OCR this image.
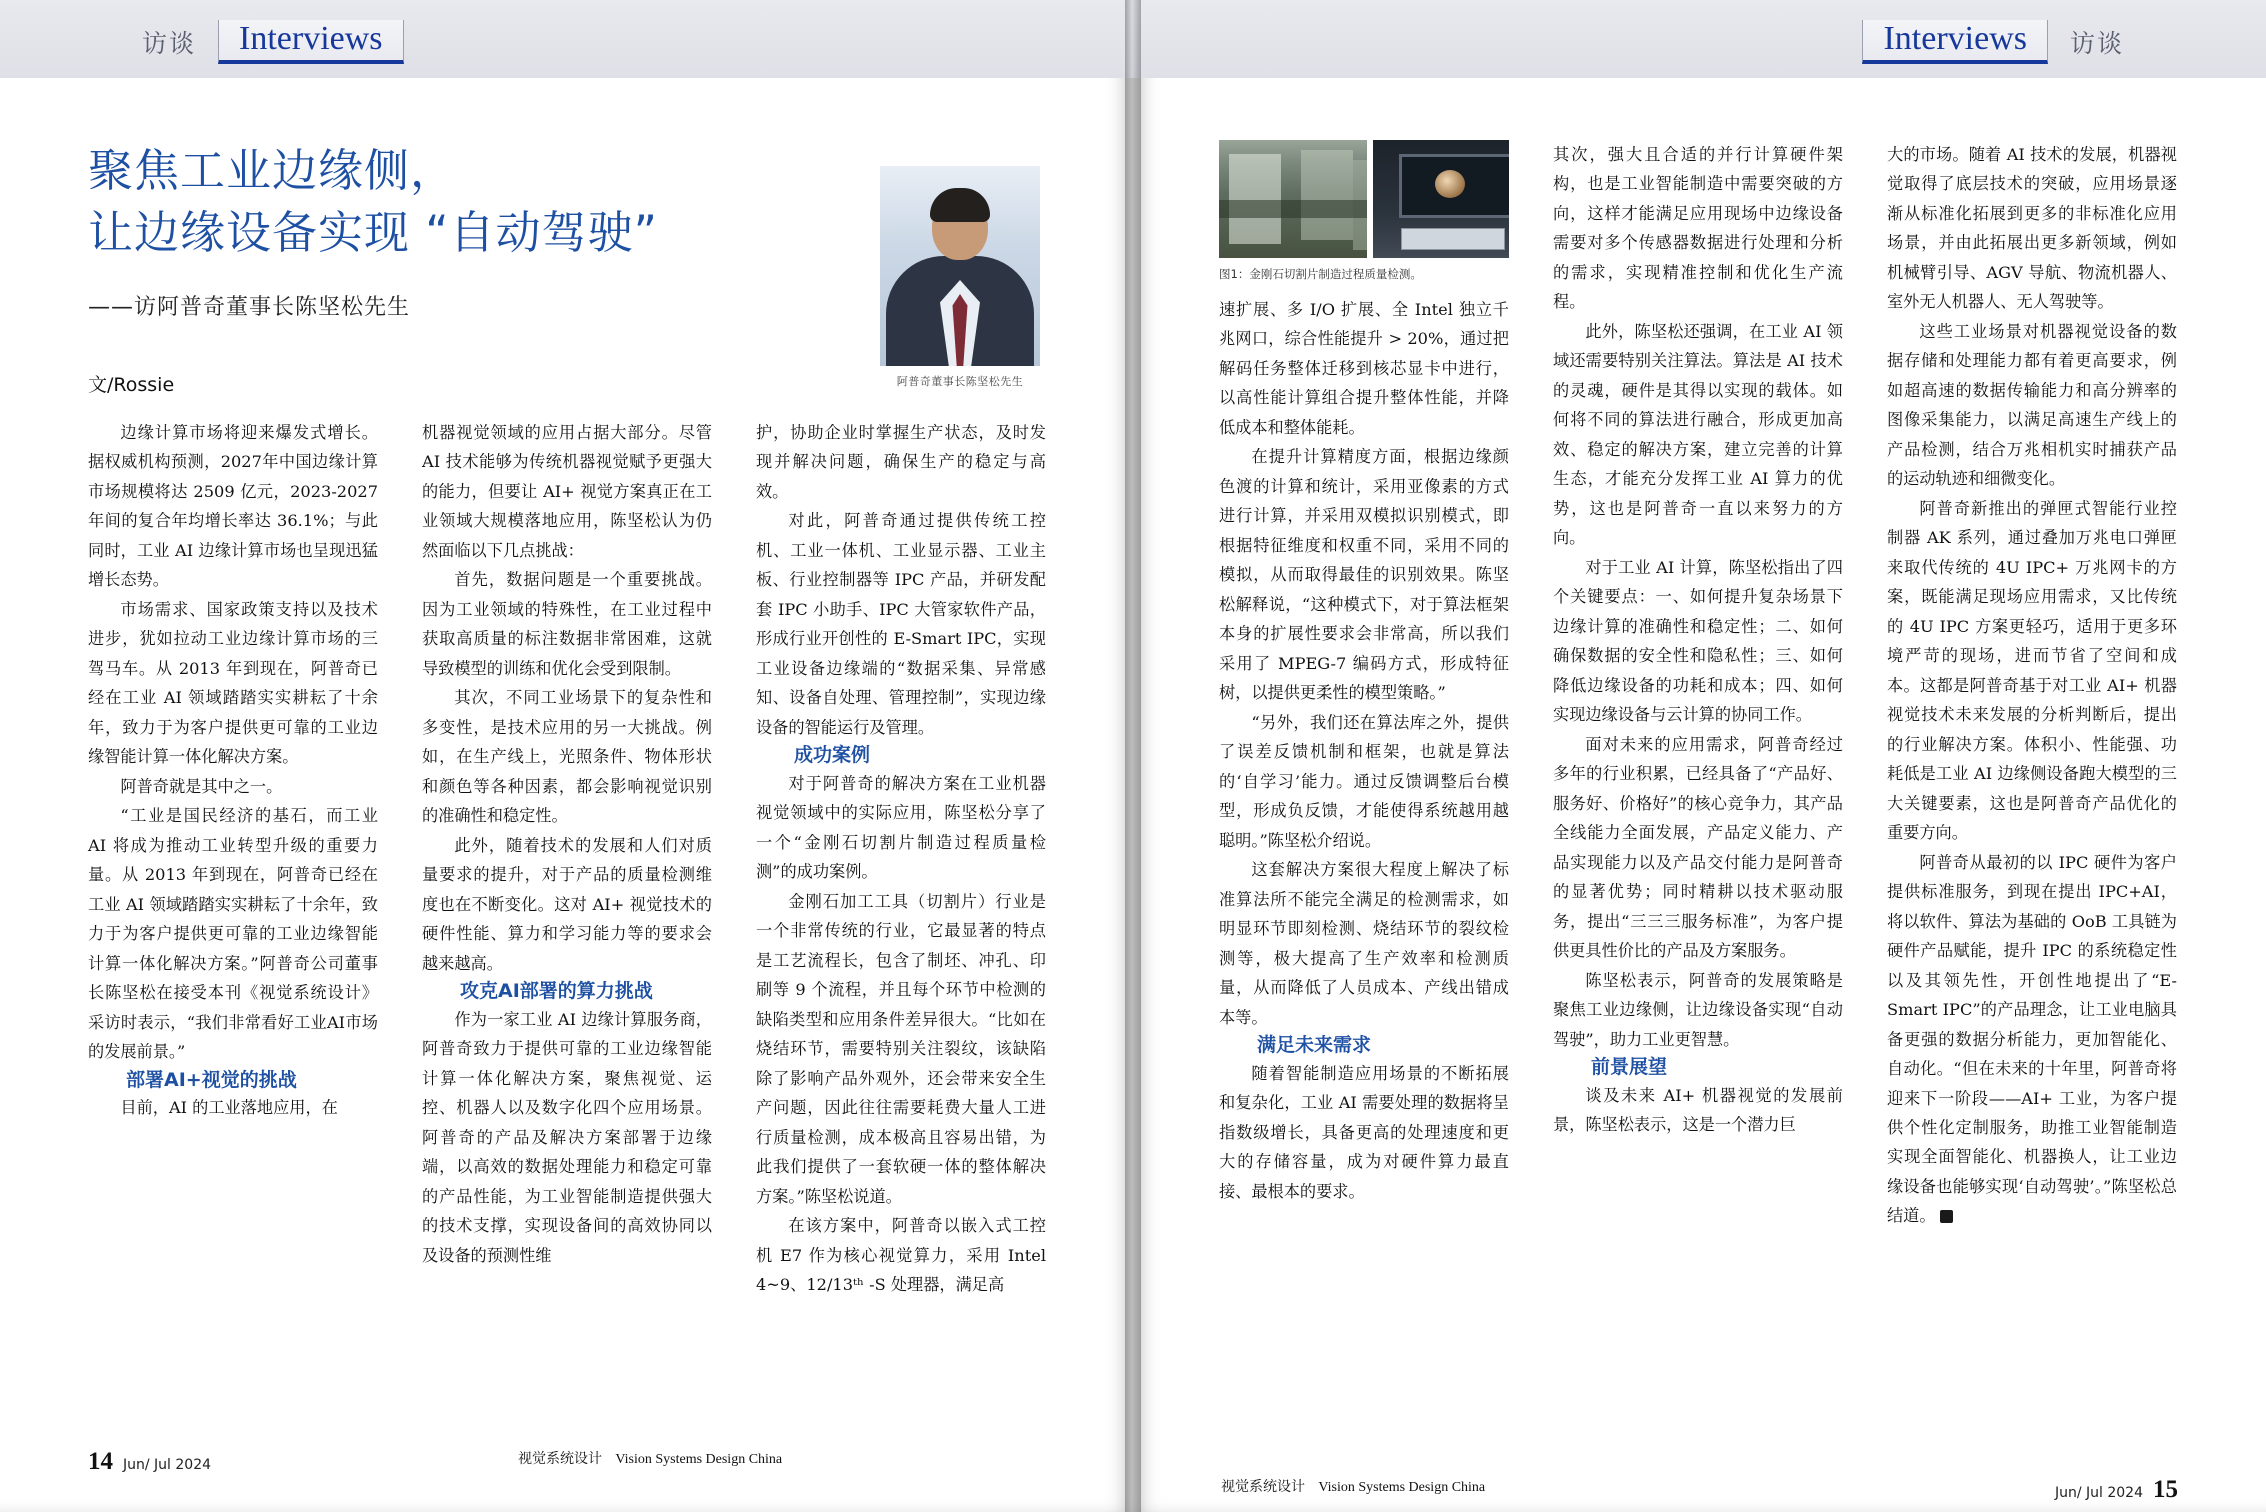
访谈	Interviews
聚焦工业边缘侧，
让边缘设备实现 “自动驾驶”
——访阿普奇董事长陈坚松先生
文/Rossie	阿普奇董事长陈坚松先生

边缘计算市场将迎来爆发式增长。据权威机构预测，2027年中国边缘计算市场规模将达 2509 亿元，2023-2027 年间的复合年均增长率达 36.1%；与此同时，工业 AI 边缘计算市场也呈现迅猛增长态势。

市场需求、国家政策支持以及技术进步，犹如拉动工业边缘计算市场的三驾马车。从 2013 年到现在，阿普奇已经在工业 AI 领域踏踏实实耕耘了十余年，致力于为客户提供更可靠的工业边缘智能计算一体化解决方案。

阿普奇就是其中之一。

“工业是国民经济的基石，而工业 AI 将成为推动工业转型升级的重要力量。从 2013 年到现在，阿普奇已经在工业 AI 领域踏踏实实耕耘了十余年，致力于为客户提供更可靠的工业边缘智能计算一体化解决方案。”阿普奇公司董事长陈坚松在接受本刊《视觉系统设计》采访时表示，“我们非常看好工业AI市场的发展前景。”

部署AI+视觉的挑战

目前，AI 的工业落地应用，在

机器视觉领域的应用占据大部分。尽管 AI 技术能够为传统机器视觉赋予更强大的能力，但要让 AI+ 视觉方案真正在工业领域大规模落地应用，陈坚松认为仍然面临以下几点挑战：

首先，数据问题是一个重要挑战。因为工业领域的特殊性，在工业过程中获取高质量的标注数据非常困难，这就导致模型的训练和优化会受到限制。

其次，不同工业场景下的复杂性和多变性，是技术应用的另一大挑战。例如，在生产线上，光照条件、物体形状和颜色等各种因素，都会影响视觉识别的准确性和稳定性。

此外，随着技术的发展和人们对质量要求的提升，对于产品的质量检测维度也在不断变化。这对 AI+ 视觉技术的硬件性能、算力和学习能力等的要求会越来越高。

攻克AI部署的算力挑战

作为一家工业 AI 边缘计算服务商，阿普奇致力于提供可靠的工业边缘智能计算一体化解决方案，聚焦视觉、运控、机器人以及数字化四个应用场景。阿普奇的产品及解决方案部署于边缘端，以高效的数据处理能力和稳定可靠的产品性能，为工业智能制造提供强大的技术支撑，实现设备间的高效协同以及设备的预测性维

护，协助企业时掌握生产状态，及时发现并解决问题，确保生产的稳定与高效。

对此，阿普奇通过提供传统工控机、工业一体机、工业显示器、工业主板、行业控制器等 IPC 产品，并研发配套 IPC 小助手、IPC 大管家软件产品，形成行业开创性的 E-Smart IPC，实现工业设备边缘端的“数据采集、异常感知、设备自处理、管理控制”，实现边缘设备的智能运行及管理。

成功案例

对于阿普奇的解决方案在工业机器视觉领域中的实际应用，陈坚松分享了一个“金刚石切割片制造过程质量检测”的成功案例。

金刚石加工工具（切割片）行业是一个非常传统的行业，它最显著的特点是工艺流程长，包含了制坯、冲孔、印刷等 9 个流程，并且每个环节中检测的缺陷类型和应用条件差异很大。“比如在烧结环节，需要特别关注裂纹，该缺陷除了影响产品外观外，还会带来安全生产问题，因此往往需要耗费大量人工进行质量检测，成本极高且容易出错，为此我们提供了一套软硬一体的整体解决方案。”陈坚松说道。

在该方案中，阿普奇以嵌入式工控机 E7 作为核心视觉算力，采用 Intel 4~9、12/13ᵗʰ -S 处理器，满足高

14 Jun/ Jul 2024	视觉系统设计 Vision Systems Design China
Interviews	访谈
图1：金刚石切割片制造过程质量检测。

速扩展、多 I/O 扩展、全 Intel 独立千兆网口，综合性能提升 > 20%，通过把解码任务整体迁移到核芯显卡中进行，以高性能计算组合提升整体性能，并降低成本和整体能耗。

在提升计算精度方面，根据边缘颜色渡的计算和统计，采用亚像素的方式进行计算，并采用双模拟识别模式，即根据特征维度和权重不同，采用不同的模拟，从而取得最佳的识别效果。陈坚松解释说，“这种模式下，对于算法框架本身的扩展性要求会非常高，所以我们采用了 MPEG-7 编码方式，形成特征树，以提供更柔性的模型策略。”

“另外，我们还在算法库之外，提供了误差反馈机制和框架，也就是算法的‘自学习’能力。通过反馈调整后台模型，形成负反馈，才能使得系统越用越聪明。”陈坚松介绍说。

这套解决方案很大程度上解决了标准算法所不能完全满足的检测需求，如明显环节即刻检测、烧结环节的裂纹检测等，极大提高了生产效率和检测质量，从而降低了人员成本、产线出错成本等。

满足未来需求

随着智能制造应用场景的不断拓展和复杂化，工业 AI 需要处理的数据将呈指数级增长，具备更高的处理速度和更大的存储容量，成为对硬件算力最直接、最根本的要求。

其次，强大且合适的并行计算硬件架构，也是工业智能制造中需要突破的方向，这样才能满足应用现场中边缘设备需要对多个传感器数据进行处理和分析的需求，实现精准控制和优化生产流程。

此外，陈坚松还强调，在工业 AI 领域还需要特别关注算法。算法是 AI 技术的灵魂，硬件是其得以实现的载体。如何将不同的算法进行融合，形成更加高效、稳定的解决方案，建立完善的计算生态，才能充分发挥工业 AI 算力的优势，这也是阿普奇一直以来努力的方向。

对于工业 AI 计算，陈坚松指出了四个关键要点：一、如何提升复杂场景下边缘计算的准确性和稳定性；二、如何确保数据的安全性和隐私性；三、如何降低边缘设备的功耗和成本；四、如何实现边缘设备与云计算的协同工作。

面对未来的应用需求，阿普奇经过多年的行业积累，已经具备了“产品好、服务好、价格好”的核心竞争力，其产品全线能力全面发展，产品定义能力、产品实现能力以及产品交付能力是阿普奇的显著优势；同时精耕以技术驱动服务，提出“三三三服务标准”，为客户提供更具性价比的产品及方案服务。

陈坚松表示，阿普奇的发展策略是聚焦工业边缘侧，让边缘设备实现“自动驾驶”，助力工业更智慧。

前景展望

谈及未来 AI+ 机器视觉的发展前景，陈坚松表示，这是一个潜力巨

大的市场。随着 AI 技术的发展，机器视觉取得了底层技术的突破，应用场景逐渐从标准化拓展到更多的非标准化应用场景，并由此拓展出更多新领域，例如机械臂引导、AGV 导航、物流机器人、室外无人机器人、无人驾驶等。

这些工业场景对机器视觉设备的数据存储和处理能力都有着更高要求，例如超高速的数据传输能力和高分辨率的图像采集能力，以满足高速生产线上的产品检测，结合万兆相机实时捕获产品的运动轨迹和细微变化。

阿普奇新推出的弹匣式智能行业控制器 AK 系列，通过叠加万兆电口弹匣来取代传统的 4U IPC+ 万兆网卡的方案，既能满足现场应用需求，又比传统的 4U IPC 方案更轻巧，适用于更多环境严苛的现场，进而节省了空间和成本。这都是阿普奇基于对工业 AI+ 机器视觉技术未来发展的分析判断后，提出的行业解决方案。体积小、性能强、功耗低是工业 AI 边缘侧设备跑大模型的三大关键要素，这也是阿普奇产品优化的重要方向。

阿普奇从最初的以 IPC 硬件为客户提供标准服务，到现在提出 IPC+AI，将以软件、算法为基础的 OoB 工具链为硬件产品赋能，提升 IPC 的系统稳定性以及其领先性，开创性地提出了“E-Smart IPC”的产品理念，让工业电脑具备更强的数据分析能力，更加智能化、自动化。“但在未来的十年里，阿普奇将迎来下一阶段——AI+ 工业，为客户提供个性化定制服务，助推工业智能制造实现全面智能化、机器换人，让工业边缘设备也能够实现‘自动驾驶’。”陈坚松总结道。	V

视觉系统设计 Vision Systems Design China	Jun/ Jul 2024 15
